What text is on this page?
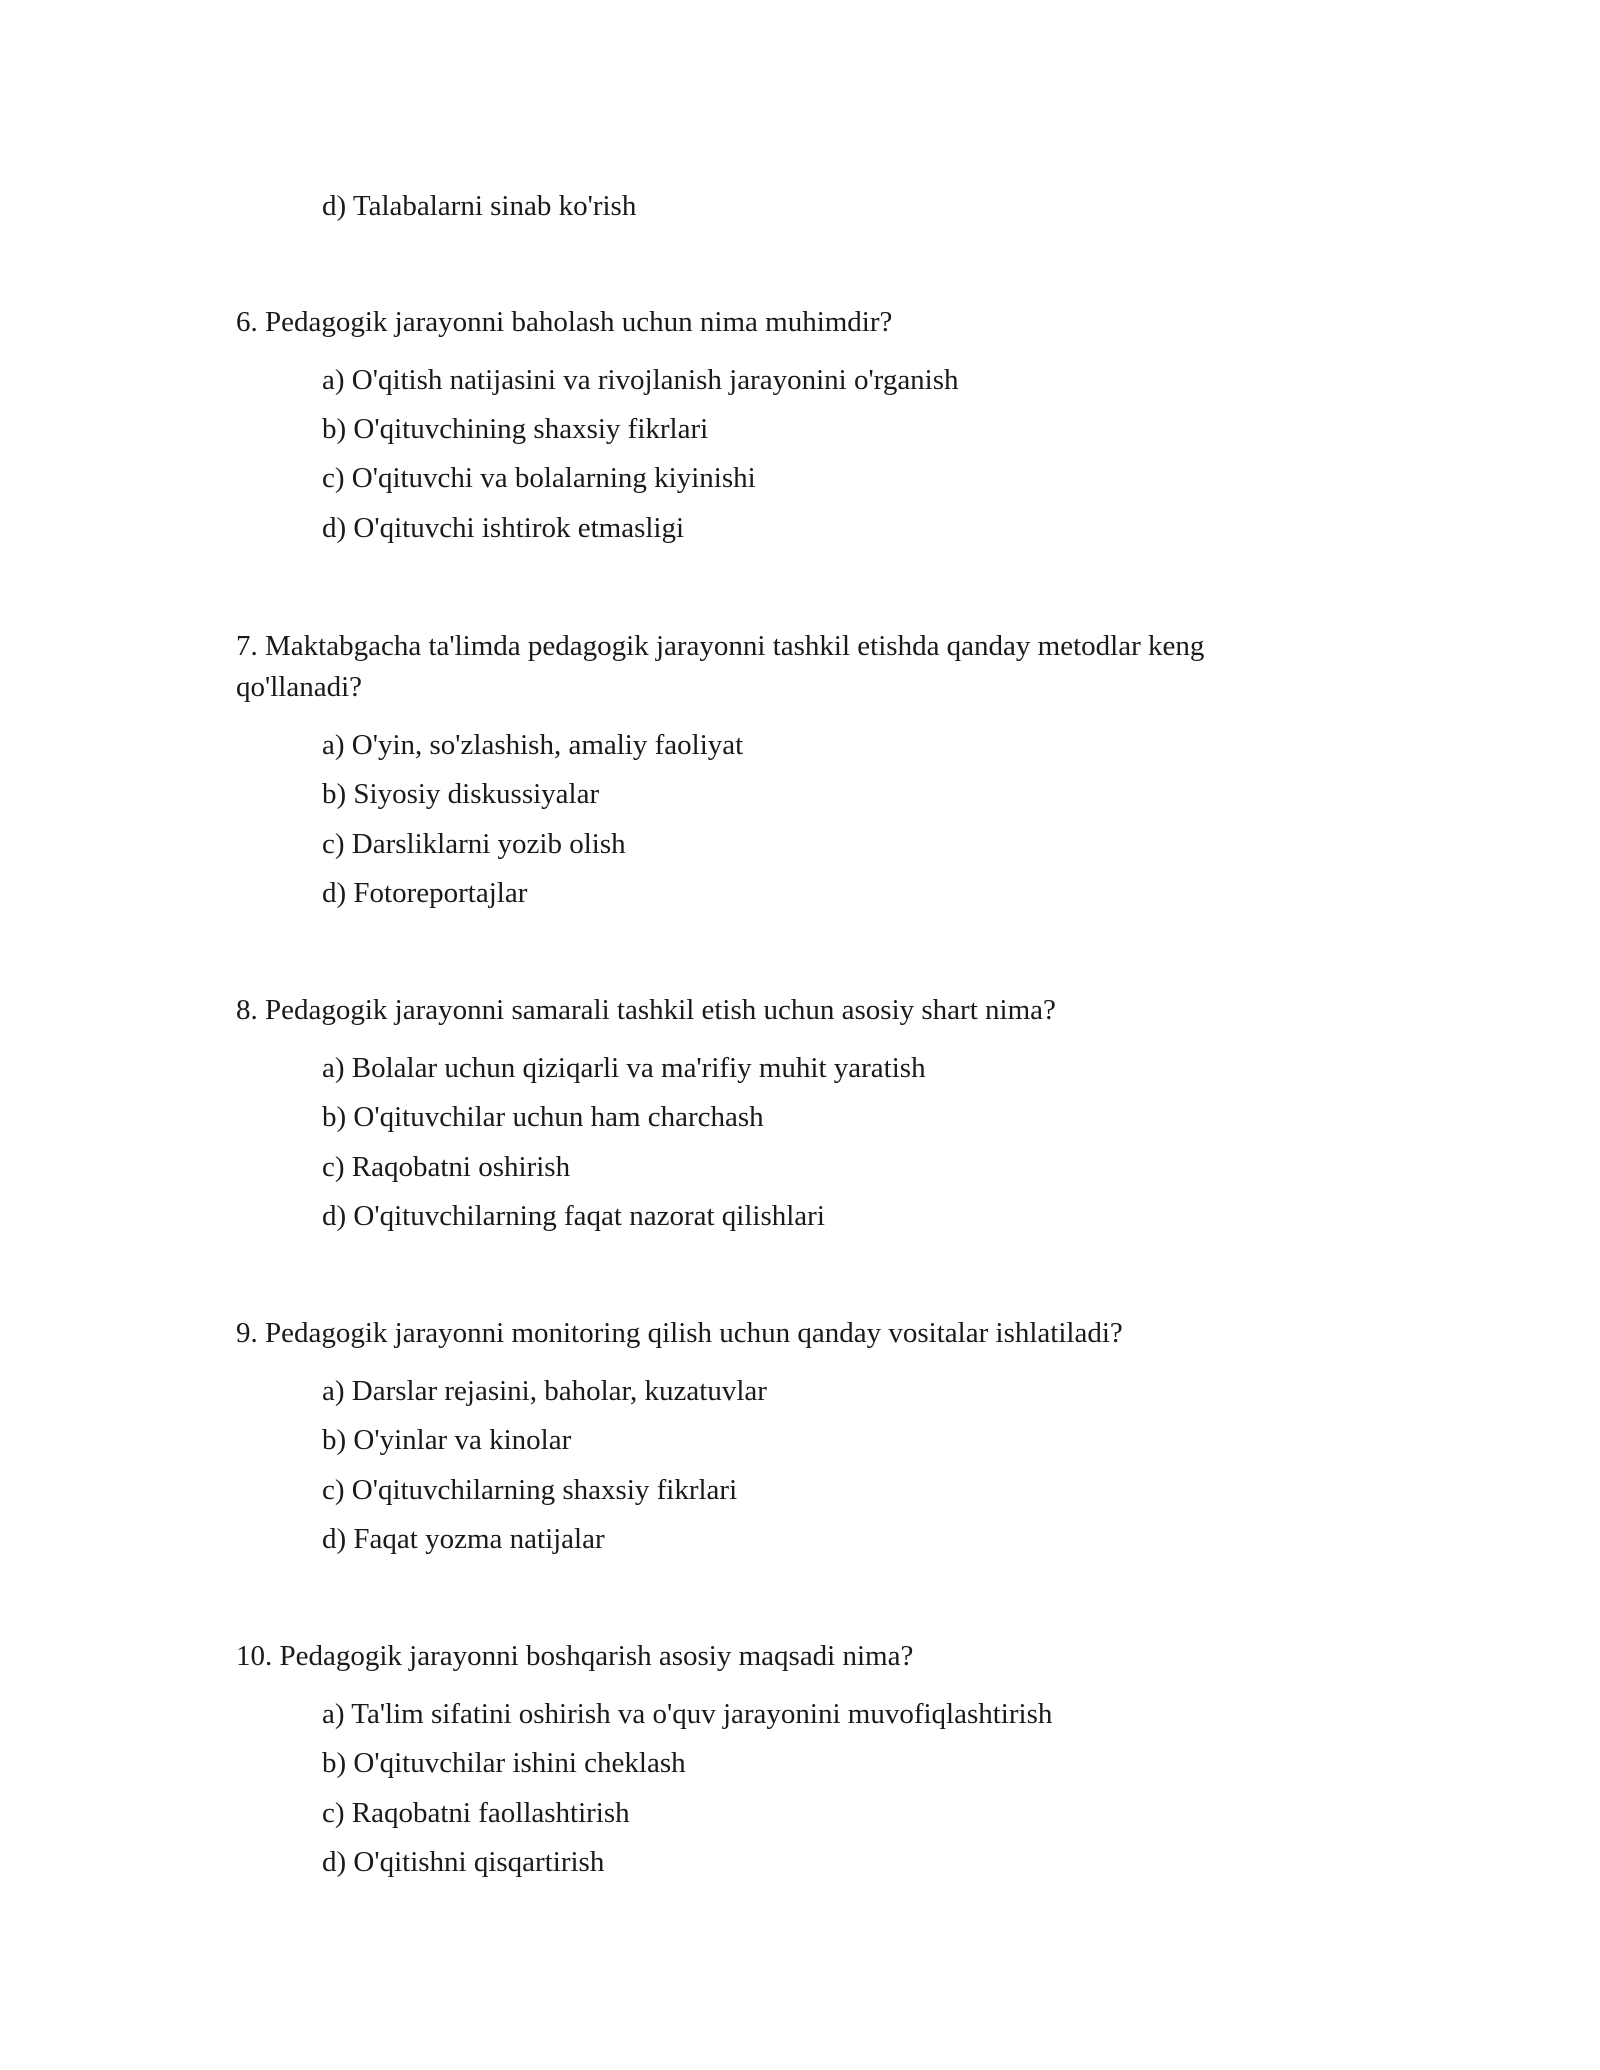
d) Talabalarni sinab ko'rish

6. Pedagogik jarayonni baholash uchun nima muhimdir?

a) O'qitish natijasini va rivojlanish jarayonini o'rganish

b) O'qituvchining shaxsiy fikrlari

c) O'qituvchi va bolalarning kiyinishi

d) O'qituvchi ishtirok etmasligi

7. Maktabgacha ta'limda pedagogik jarayonni tashkil etishda qanday metodlar keng

qo'llanadi?

a) O'yin, so'zlashish, amaliy faoliyat

b) Siyosiy diskussiyalar

c) Darsliklarni yozib olish

d) Fotoreportajlar

8. Pedagogik jarayonni samarali tashkil etish uchun asosiy shart nima?

a) Bolalar uchun qiziqarli va ma'rifiy muhit yaratish

b) O'qituvchilar uchun ham charchash

c) Raqobatni oshirish

d) O'qituvchilarning faqat nazorat qilishlari

9. Pedagogik jarayonni monitoring qilish uchun qanday vositalar ishlatiladi?

a) Darslar rejasini, baholar, kuzatuvlar

b) O'yinlar va kinolar

c) O'qituvchilarning shaxsiy fikrlari

d) Faqat yozma natijalar

10. Pedagogik jarayonni boshqarish asosiy maqsadi nima?

a) Ta'lim sifatini oshirish va o'quv jarayonini muvofiqlashtirish

b) O'qituvchilar ishini cheklash

c) Raqobatni faollashtirish

d) O'qitishni qisqartirish
